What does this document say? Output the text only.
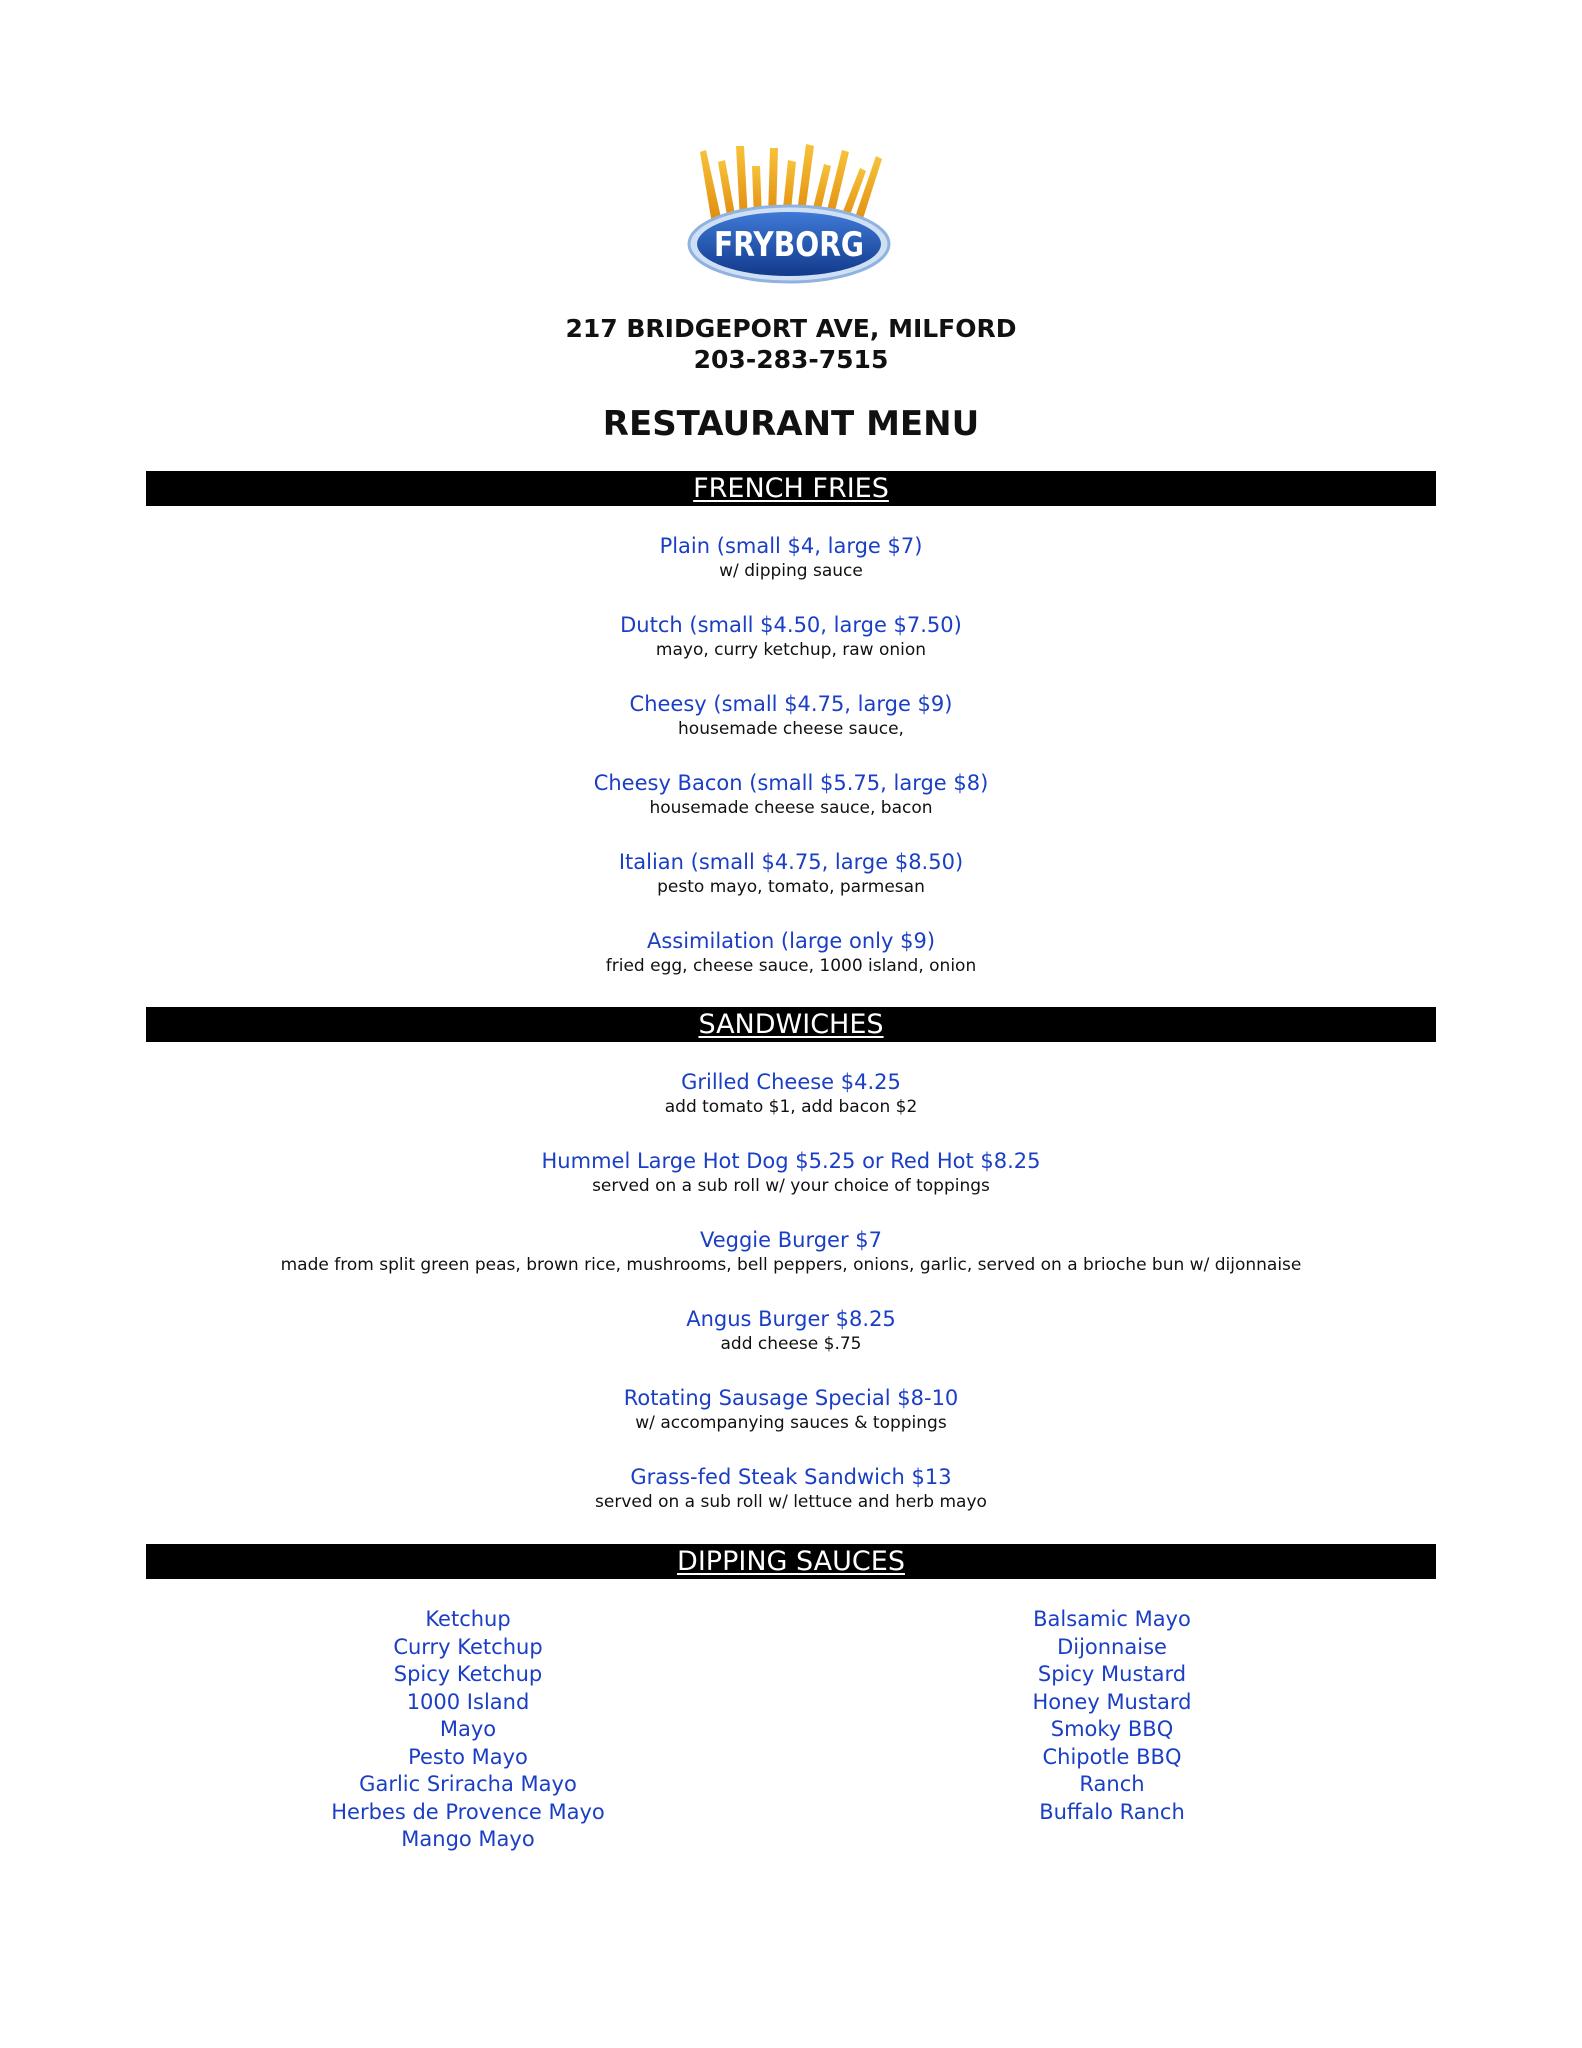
FRYBORG
217 BRIDGEPORT AVE, MILFORD
203-283-7515
RESTAURANT MENU
FRENCH FRIES
Plain (small $4, large $7)
w/ dipping sauce
Dutch (small $4.50, large $7.50)
mayo, curry ketchup, raw onion
Cheesy (small $4.75, large $9)
housemade cheese sauce,
Cheesy Bacon (small $5.75, large $8)
housemade cheese sauce, bacon
Italian (small $4.75, large $8.50)
pesto mayo, tomato, parmesan
Assimilation (large only $9)
fried egg, cheese sauce, 1000 island, onion
SANDWICHES
Grilled Cheese $4.25
add tomato $1, add bacon $2
Hummel Large Hot Dog $5.25 or Red Hot $8.25
served on a sub roll w/ your choice of toppings
Veggie Burger $7
made from split green peas, brown rice, mushrooms, bell peppers, onions, garlic, served on a brioche bun w/ dijonnaise
Angus Burger $8.25
add cheese $.75
Rotating Sausage Special $8-10
w/ accompanying sauces & toppings
Grass-fed Steak Sandwich $13
served on a sub roll w/ lettuce and herb mayo
DIPPING SAUCES
Ketchup
Curry Ketchup
Spicy Ketchup
1000 Island
Mayo
Pesto Mayo
Garlic Sriracha Mayo
Herbes de Provence Mayo
Mango Mayo
Balsamic Mayo
Dijonnaise
Spicy Mustard
Honey Mustard
Smoky BBQ
Chipotle BBQ
Ranch
Buffalo Ranch
